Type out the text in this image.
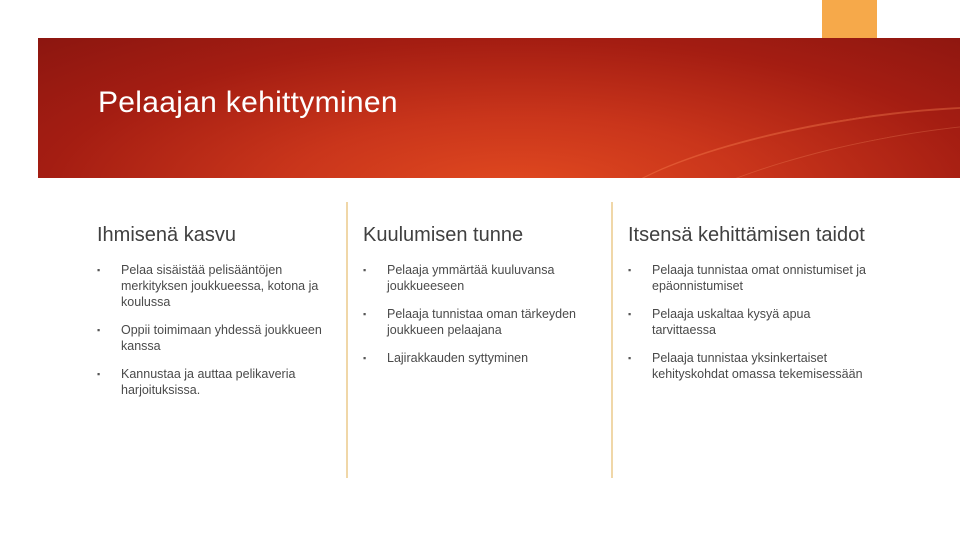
Pelaajan kehittyminen
Ihmisenä kasvu
▪ Pelaa sisäistää pelisääntöjen merkityksen joukkueessa, kotona ja koulussa
▪ Oppii toimimaan yhdessä joukkueen kanssa
▪ Kannustaa ja auttaa pelikaveria harjoituksissa.
Kuulumisen tunne
▪ Pelaaja ymmärtää kuuluvansa joukkueeseen
▪ Pelaaja tunnistaa oman tärkeyden joukkueen pelaajana
▪ Lajirakkauden syttyminen
Itsensä kehittämisen taidot
▪ Pelaaja tunnistaa omat onnistumiset ja epäonnistumiset
▪ Pelaaja uskaltaa kysyä apua tarvittaessa
▪ Pelaaja tunnistaa yksinkertaiset kehityskohdat omassa tekemisessään
